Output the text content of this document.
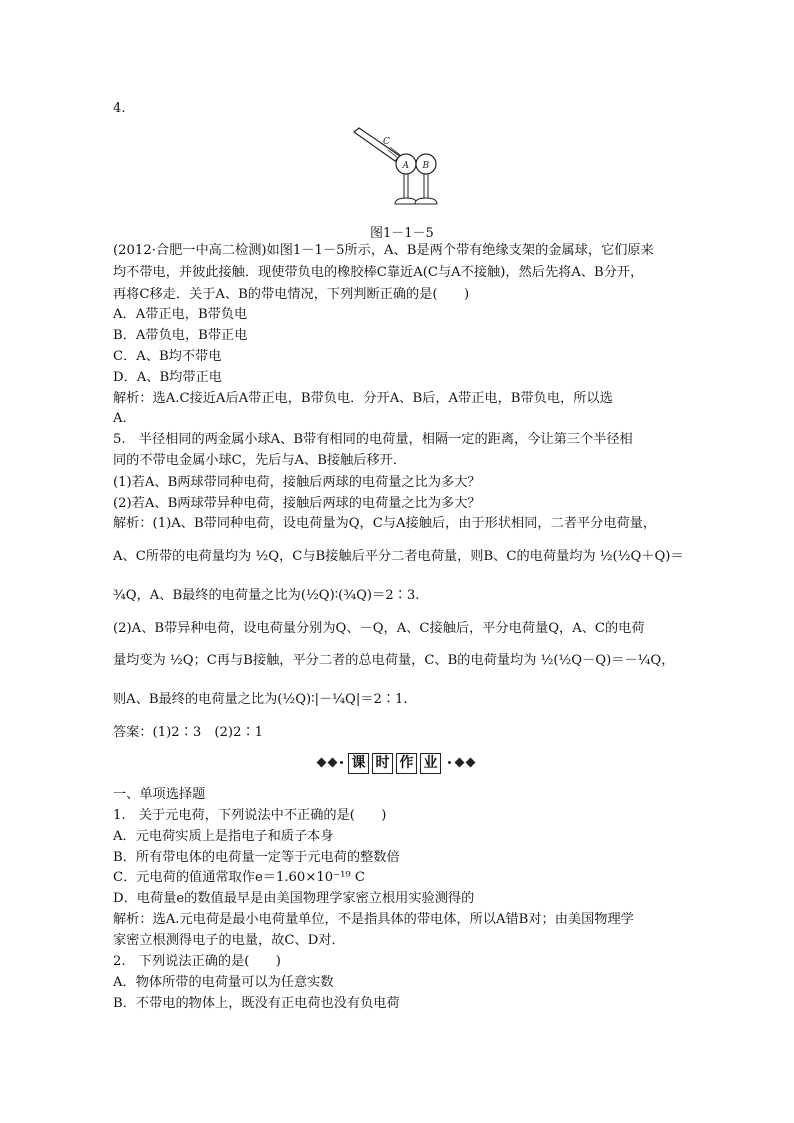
4.
C
A B
图1－1－5
(2012·合肥一中高二检测)如图1－1－5所示，A、B是两个带有绝缘支架的金属球，它们原来
均不带电，并彼此接触．现使带负电的橡胶棒C靠近A(C与A不接触)，然后先将A、B分开，
再将C移走．关于A、B的带电情况，下列判断正确的是(　　)
A．A带正电，B带负电
B．A带负电，B带正电
C．A、B均不带电
D．A、B均带正电
解析：选A.C接近A后A带正电，B带负电．分开A、B后，A带正电，B带负电，所以选
A.
5.　半径相同的两金属小球A、B带有相同的电荷量，相隔一定的距离，今让第三个半径相
同的不带电金属小球C，先后与A、B接触后移开．
(1)若A、B两球带同种电荷，接触后两球的电荷量之比为多大？
(2)若A、B两球带异种电荷，接触后两球的电荷量之比为多大？
解析：(1)A、B带同种电荷，设电荷量为Q，C与A接触后，由于形状相同，二者平分电荷量，
A、C所带的电荷量均为 ½Q，C与B接触后平分二者电荷量，则B、C的电荷量均为 ½(½Q＋Q)＝
¾Q，A、B最终的电荷量之比为(½Q)∶(¾Q)＝2∶3.
(2)A、B带异种电荷，设电荷量分别为Q、－Q，A、C接触后，平分电荷量Q，A、C的电荷
量均变为 ½Q；C再与B接触，平分二者的总电荷量，C、B的电荷量均为 ½(½Q－Q)＝－¼Q，
则A、B最终的电荷量之比为(½Q)∶|－¼Q|＝2∶1.
答案：(1)2∶3　(2)2∶1
课 时 作 业
一、单项选择题
1.　关于元电荷，下列说法中不正确的是(　　)
A．元电荷实质上是指电子和质子本身
B．所有带电体的电荷量一定等于元电荷的整数倍
C．元电荷的值通常取作e＝1.60×10⁻¹⁹ C
D．电荷量e的数值最早是由美国物理学家密立根用实验测得的
解析：选A.元电荷是最小电荷量单位，不是指具体的带电体，所以A错B对；由美国物理学
家密立根测得电子的电量，故C、D对．
2.　下列说法正确的是(　　)
A．物体所带的电荷量可以为任意实数
B．不带电的物体上，既没有正电荷也没有负电荷
